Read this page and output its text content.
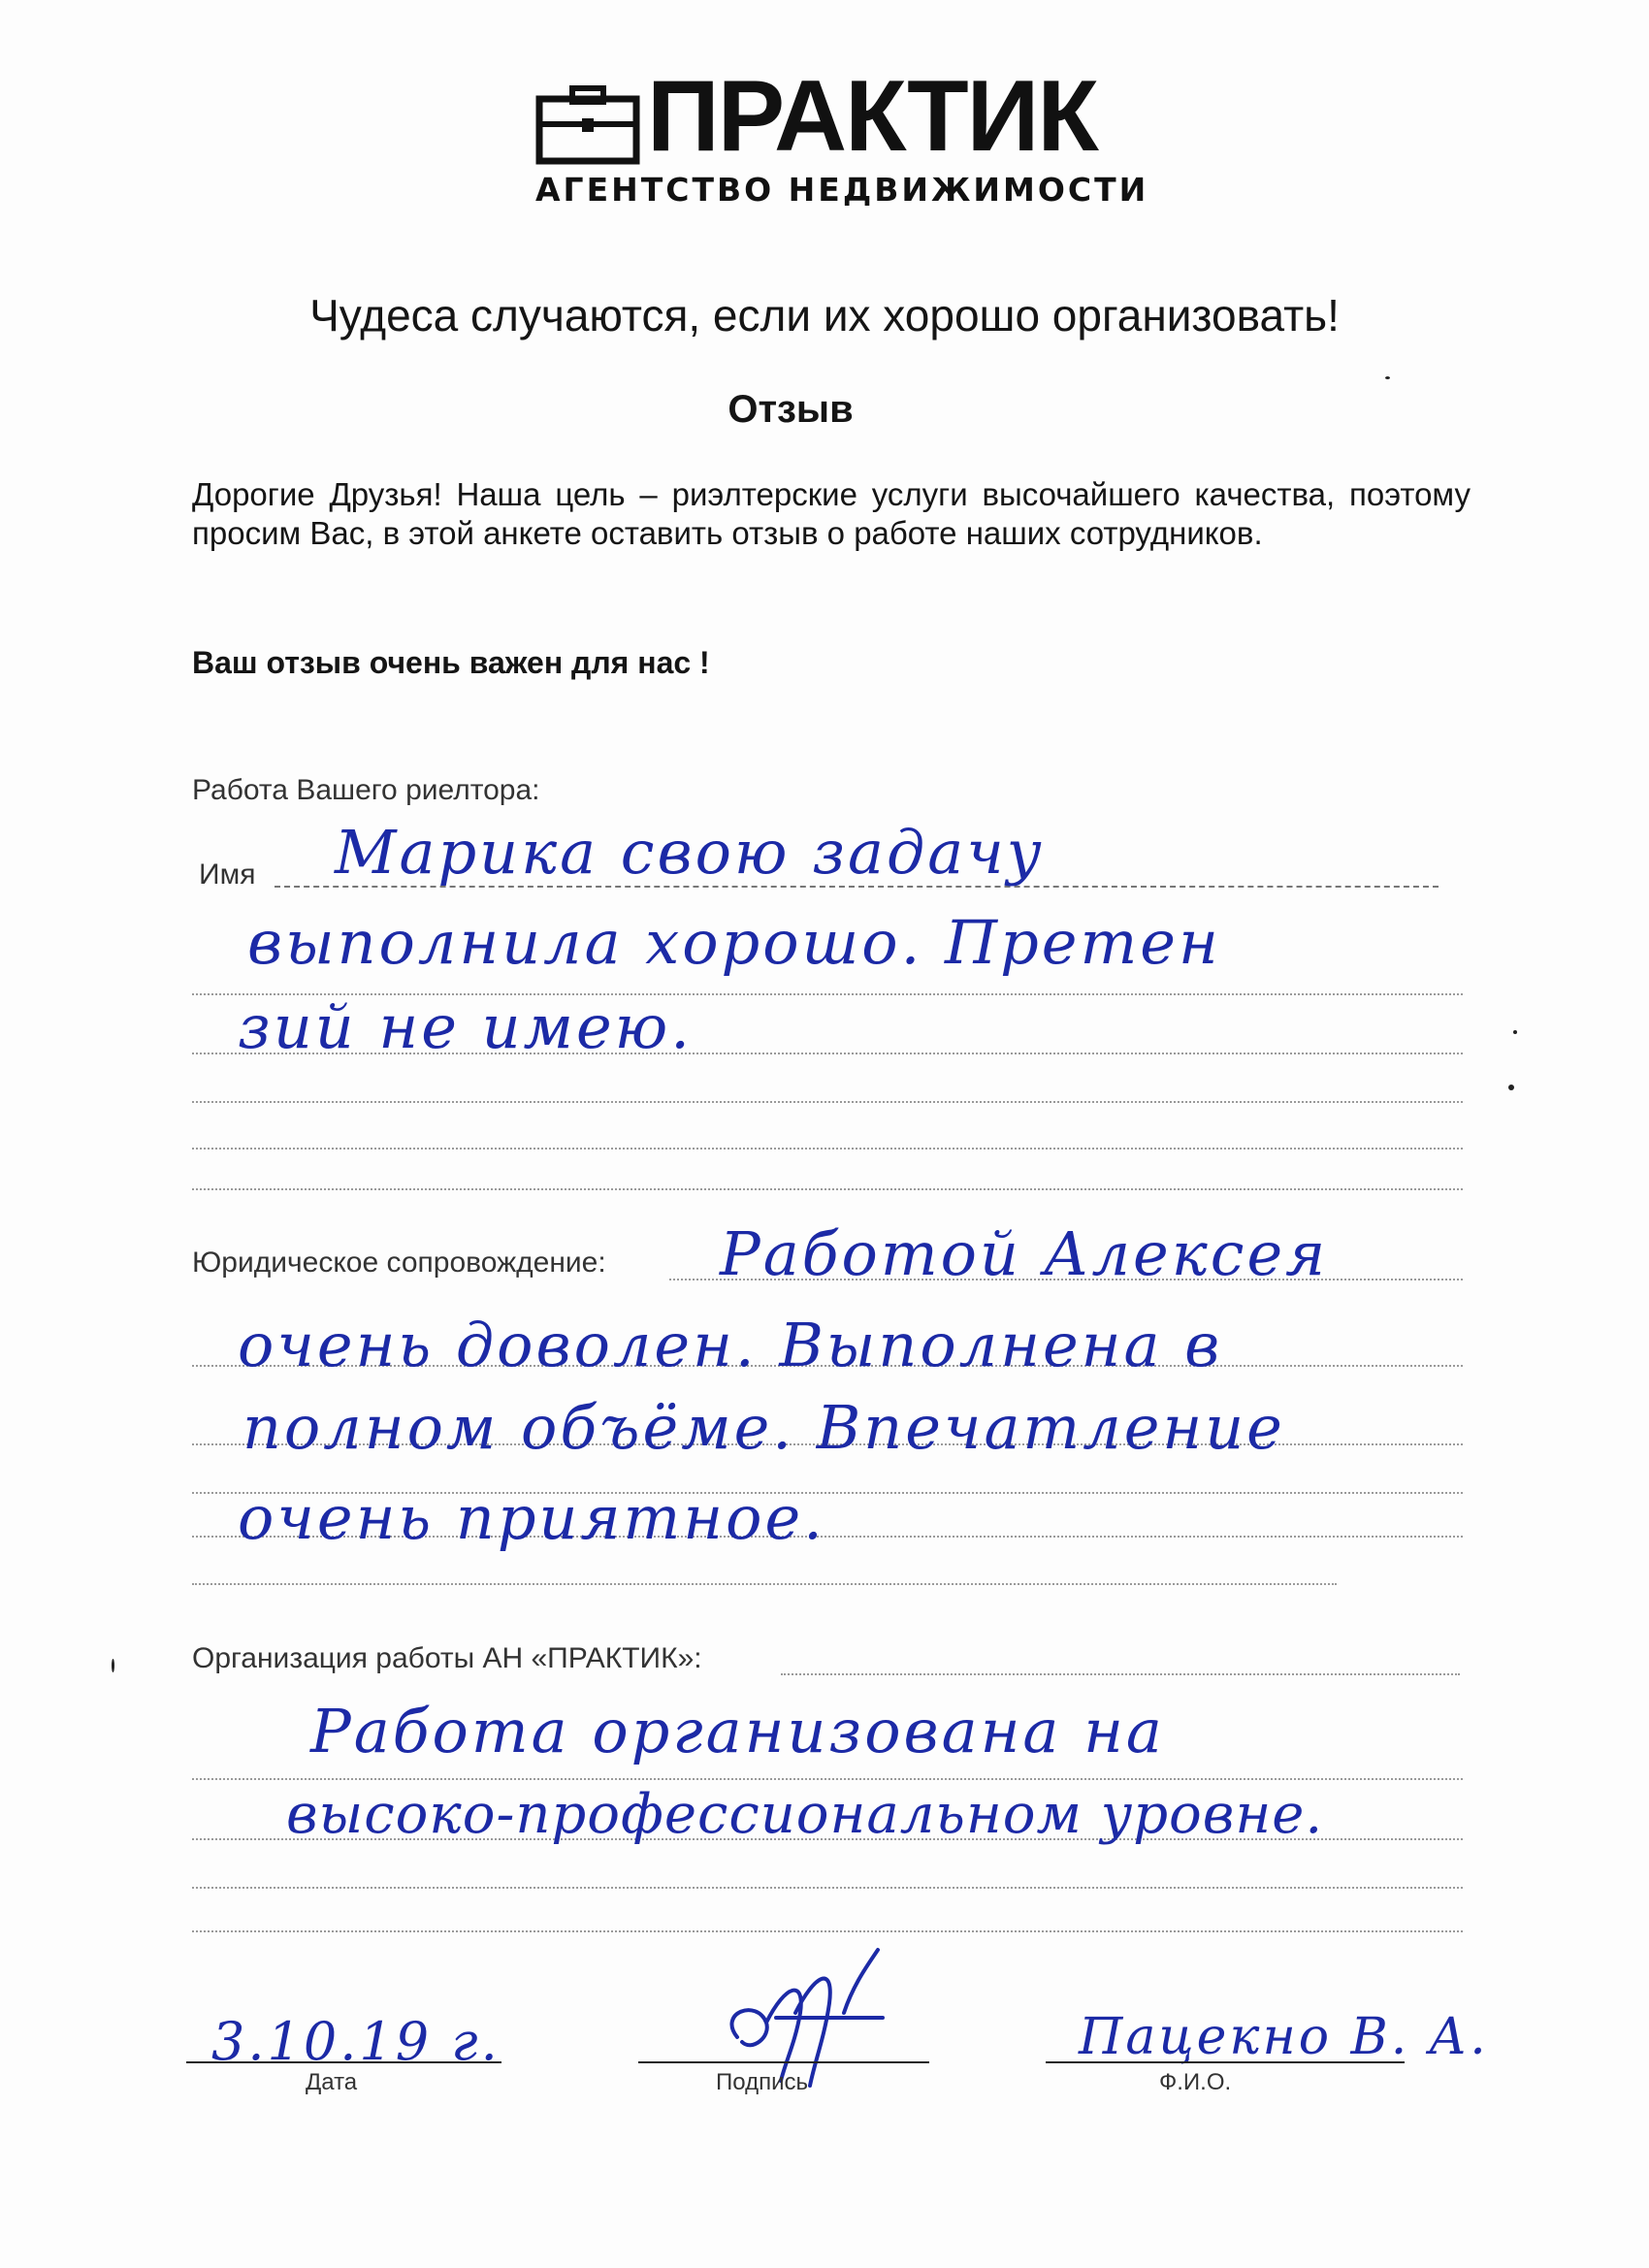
ПРАКТИК
АГЕНТСТВО НЕДВИЖИМОСТИ
Чудеса случаются, если их хорошо организовать!
Отзыв
Дорогие Друзья! Наша цель – риэлтерские услуги высочайшего качества, поэтому просим Вас, в этой анкете оставить отзыв о работе наших сотрудников.
Ваш отзыв очень важен для нас !
Работа Вашего риелтора:
Имя Марика свою задачу
выполнила хорошо. Претен
зий не имею.
Юридическое сопровождение: Работой Алексея
очень доволен. Выполнена в
полном объёме. Впечатление
очень приятное.
Организация работы АН «ПРАКТИК»:
Работа организована на
высоко-профессиональном уровне.
3.10.19 г.
Дата	Подпись
Пацекно В. А.
Ф.И.О.
